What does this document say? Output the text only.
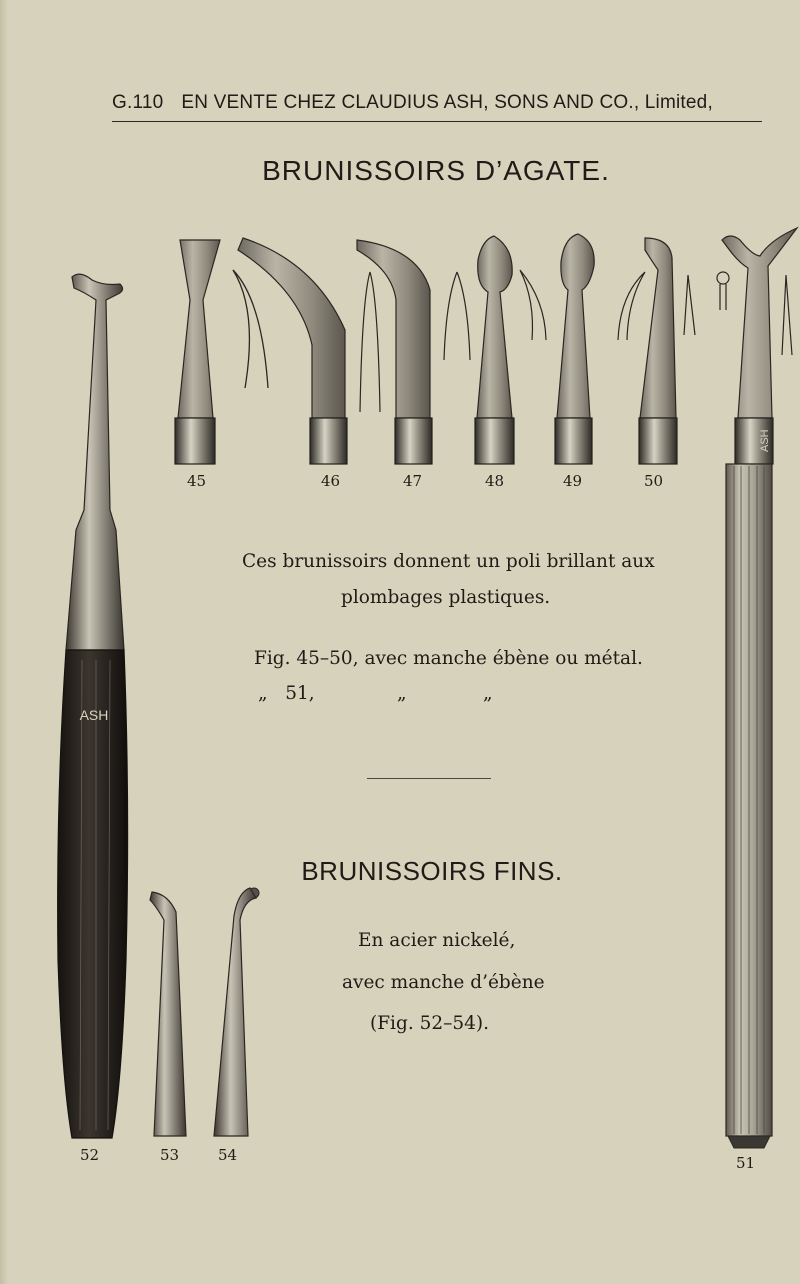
G.110 EN VENTE CHEZ CLAUDIUS ASH, SONS AND CO., Limited,
BRUNISSOIRS D’AGATE.
ASH
ASH
45	46	47	48	49	50
51
52	53	54
Ces brunissoirs donnent un poli brillant aux
plombages plastiques.
Fig. 45–50, avec manche ébène ou métal.
„   51,              „             „
BRUNISSOIRS FINS.
En acier nickelé,
avec manche d’ébène
(Fig. 52–54).
